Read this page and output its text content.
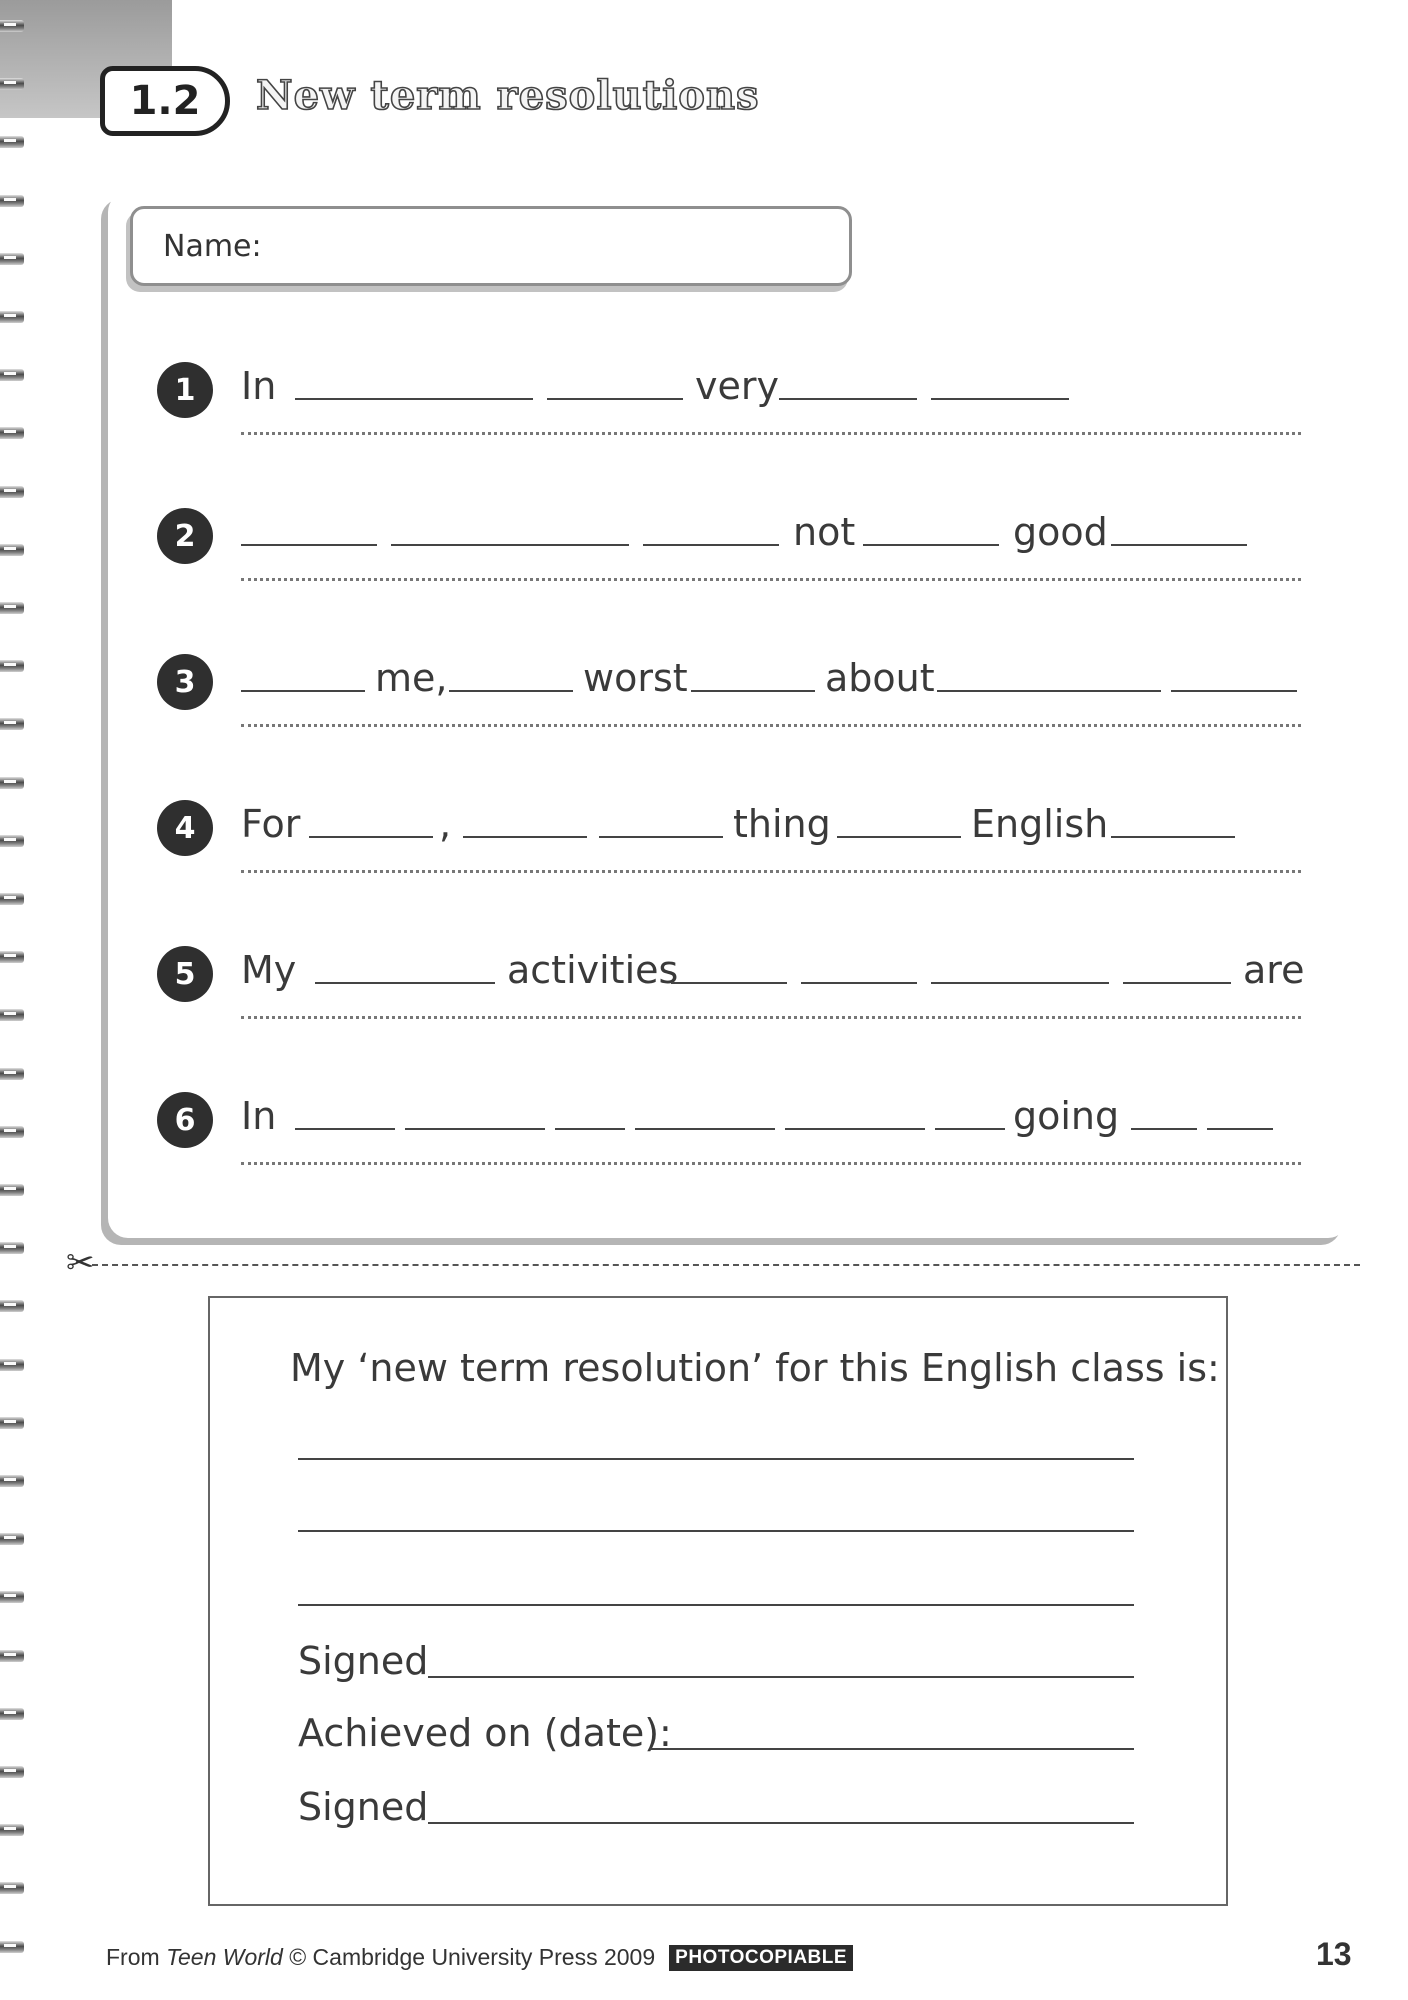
1.2	New term resolutions
Name:
1	In	very
2	not	good
3	me,	worst	about
4	For	,	thing	English
5	My	activities	are
6	In	going
✂
My ‘new term resolution’ for this English class is:
Signed
Achieved on (date):
Signed
From
Teen World
© Cambridge University Press 2009	PHOTOCOPIABLE	13
